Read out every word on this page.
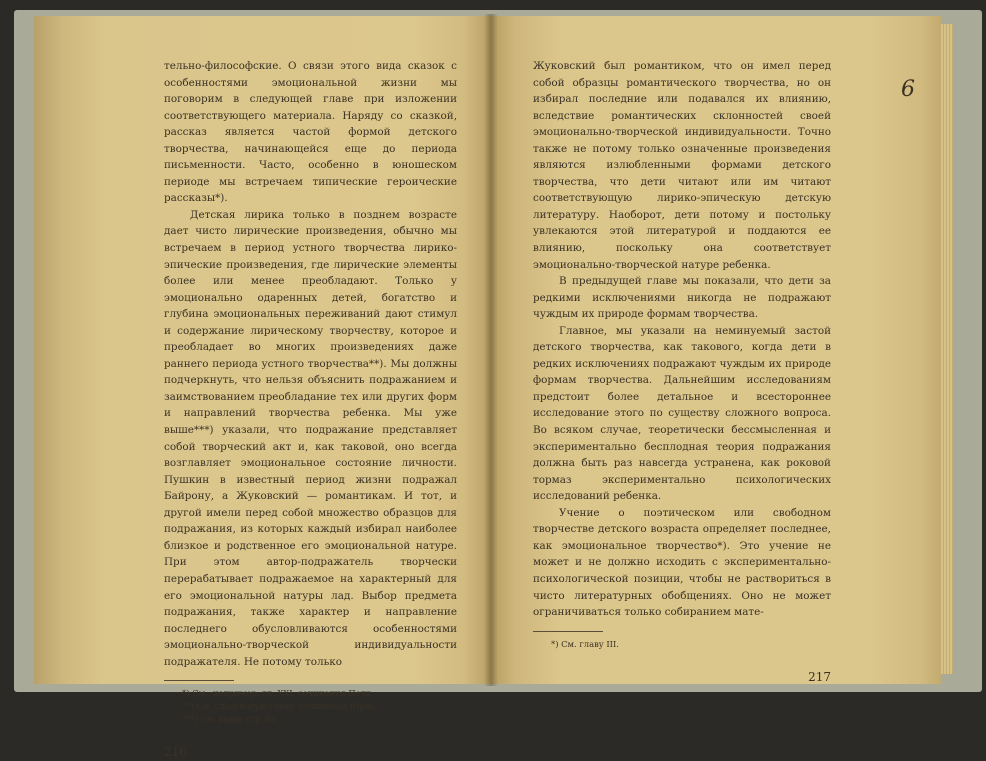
тельно-философские. О связи этого вида сказок с особенностями эмоциональной жизни мы поговорим в следующей главе при изложении соответствующего материала. Наряду со сказкой, рассказ является частой формой детского творчества, начинающейся еще до периода письменности. Часто, особенно в юношеском периоде мы встречаем типические героические рассказы*).

Детская лирика только в позднем возрасте дает чисто лирические произведения, обычно мы встречаем в период устного творчества лирико-эпические произведения, где лирические элементы более или менее преобладают. Только у эмоционально одаренных детей, богатство и глубина эмоциональных переживаний дают стимул и содержание лирическому творчеству, которое и преобладает во многих произведениях даже раннего периода устного творчества**). Мы должны подчеркнуть, что нельзя объяснить подражанием и заимствованием преобладание тех или других форм и направлений творчества ребенка. Мы уже выше***) указали, что подражание представляет собой творческий акт и, как таковой, оно всегда возглавляет эмоциональное состояние личности. Пушкин в известный период жизни подражал Байрону, а Жуковский — романтикам. И тот, и другой имели перед собой множество образцов для подражания, из которых каждый избирал наиболее близкое и родственное его эмоциональной натуре. При этом автор-подражатель творчески перерабатывает подражаемое на характерный для его эмоциональной натуры лад. Выбор предмета подражания, также характер и направление последнего обусловливаются особенностями эмоционально-творческой индивидуальности подражателя. Не потому только

*) См., например, гл. XXI, сочинения Пети.

**) См. следующую главу, сочинения Юры.

***) См. выше стр. 60.

216

Жуковский был романтиком, что он имел перед собой образцы романтического творчества, но он избирал последние или подавался их влиянию, вследствие романтических склонностей своей эмоционально-творческой индивидуальности. Точно также не потому только означенные произведения являются излюбленными формами детского творчества, что дети читают или им читают соответствующую лирико-эпическую детскую литературу. Наоборот, дети потому и постольку увлекаются этой литературой и поддаются ее влиянию, поскольку она соответствует эмоционально-творческой натуре ребенка.

В предыдущей главе мы показали, что дети за редкими исключениями никогда не подражают чуждым их природе формам творчества.

Главное, мы указали на неминуемый застой детского творчества, как такового, когда дети в редких исключениях подражают чуждым их природе формам творчества. Дальнейшим исследованиям предстоит более детальное и всестороннее исследование этого по существу сложного вопроса. Во всяком случае, теоретически бессмысленная и экспериментально бесплодная теория подражания должна быть раз навсегда устранена, как роковой тормаз экспериментально психологических исследований ребенка.

Учение о поэтическом или свободном творчестве детского возраста определяет последнее, как эмоциональное творчество*). Это учение не может и не должно исходить с экспериментально-психологической позиции, чтобы не раствориться в чисто литературных обобщениях. Оно не может ограничиваться только собиранием мате-

*) См. главу III.

217
6
